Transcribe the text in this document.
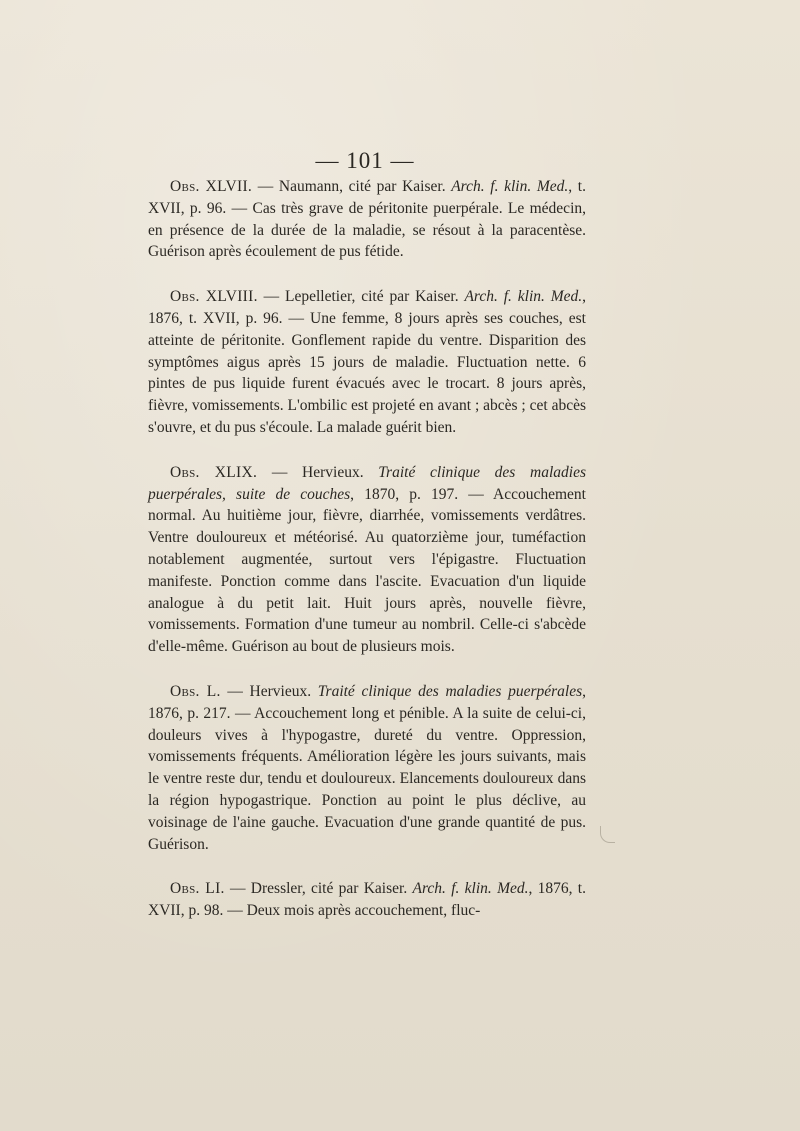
— 101 —

Obs. XLVII. — Naumann, cité par Kaiser. Arch. f. klin. Med., t. XVII, p. 96. — Cas très grave de péritonite puerpérale. Le médecin, en présence de la durée de la maladie, se résout à la paracentèse. Guérison après écoulement de pus fétide.

Obs. XLVIII. — Lepelletier, cité par Kaiser. Arch. f. klin. Med., 1876, t. XVII, p. 96. — Une femme, 8 jours après ses couches, est atteinte de péritonite. Gonflement rapide du ventre. Disparition des symptômes aigus après 15 jours de maladie. Fluctuation nette. 6 pintes de pus liquide furent évacués avec le trocart. 8 jours après, fièvre, vomissements. L'ombilic est projeté en avant ; abcès ; cet abcès s'ouvre, et du pus s'écoule. La malade guérit bien.

Obs. XLIX. — Hervieux. Traité clinique des maladies puerpérales, suite de couches, 1870, p. 197. — Accouchement normal. Au huitième jour, fièvre, diarrhée, vomissements verdâtres. Ventre douloureux et météorisé. Au quatorzième jour, tuméfaction notablement augmentée, surtout vers l'épigastre. Fluctuation manifeste. Ponction comme dans l'ascite. Evacuation d'un liquide analogue à du petit lait. Huit jours après, nouvelle fièvre, vomissements. Formation d'une tumeur au nombril. Celle-ci s'abcède d'elle-même. Guérison au bout de plusieurs mois.

Obs. L. — Hervieux. Traité clinique des maladies puerpérales, 1876, p. 217. — Accouchement long et pénible. A la suite de celui-ci, douleurs vives à l'hypogastre, dureté du ventre. Oppression, vomissements fréquents. Amélioration légère les jours suivants, mais le ventre reste dur, tendu et douloureux. Elancements douloureux dans la région hypogastrique. Ponction au point le plus déclive, au voisinage de l'aine gauche. Evacuation d'une grande quantité de pus. Guérison.

Obs. LI. — Dressler, cité par Kaiser. Arch. f. klin. Med., 1876, t. XVII, p. 98. — Deux mois après accouchement, fluc-
